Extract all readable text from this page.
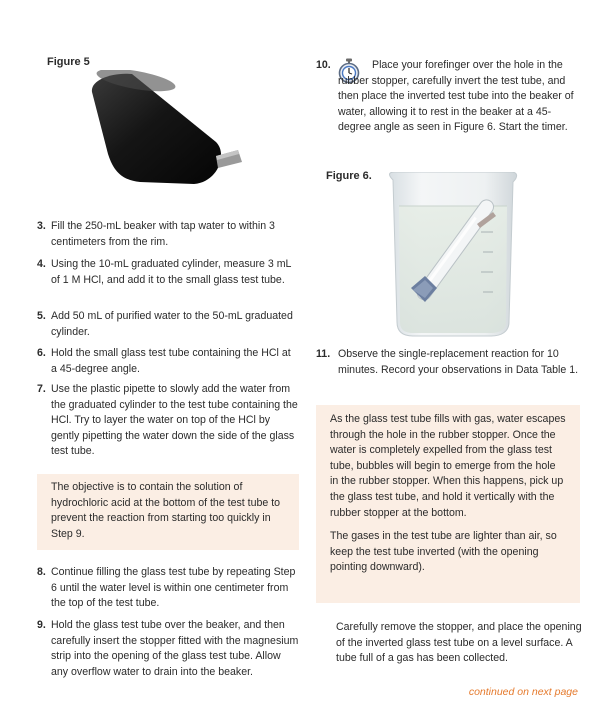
Figure 5
3. Fill the 250-mL beaker with tap water to within 3 centimeters from the rim.
4. Using the 10-mL graduated cylinder, measure 3 mL of 1 M HCl, and add it to the small glass test tube.
5. Add 50 mL of purified water to the 50-mL graduated cylinder.
6. Hold the small glass test tube containing the HCl at a 45-degree angle.
7. Use the plastic pipette to slowly add the water from the graduated cylinder to the test tube containing the HCl. Try to layer the water on top of the HCl by gently pipetting the water down the side of the glass test tube.
The objective is to contain the solution of hydrochloric acid at the bottom of the test tube to prevent the reaction from starting too quickly in Step 9.
8. Continue filling the glass test tube by repeating Step 6 until the water level is within one centimeter from the top of the test tube.
9. Hold the glass test tube over the beaker, and then carefully insert the stopper fitted with the magnesium strip into the opening of the glass test tube. Allow any overflow water to drain into the beaker.
10.	Place your forefinger over the hole in the rubber stopper, carefully invert the test tube, and then place the inverted test tube into the beaker of water, allowing it to rest in the beaker at a 45-degree angle as seen in Figure 6. Start the timer.
Figure 6.
11. Observe the single-replacement reaction for 10 minutes. Record your observations in Data Table 1.
As the glass test tube fills with gas, water escapes through the hole in the rubber stopper. Once the water is completely expelled from the glass test tube, bubbles will begin to emerge from the hole in the rubber stopper. When this happens, pick up the glass test tube, and hold it vertically with the rubber stopper at the bottom.
The gases in the test tube are lighter than air, so keep the test tube inverted (with the opening pointing downward).
Carefully remove the stopper, and place the opening of the inverted glass test tube on a level surface. A tube full of a gas has been collected.
continued on next page
